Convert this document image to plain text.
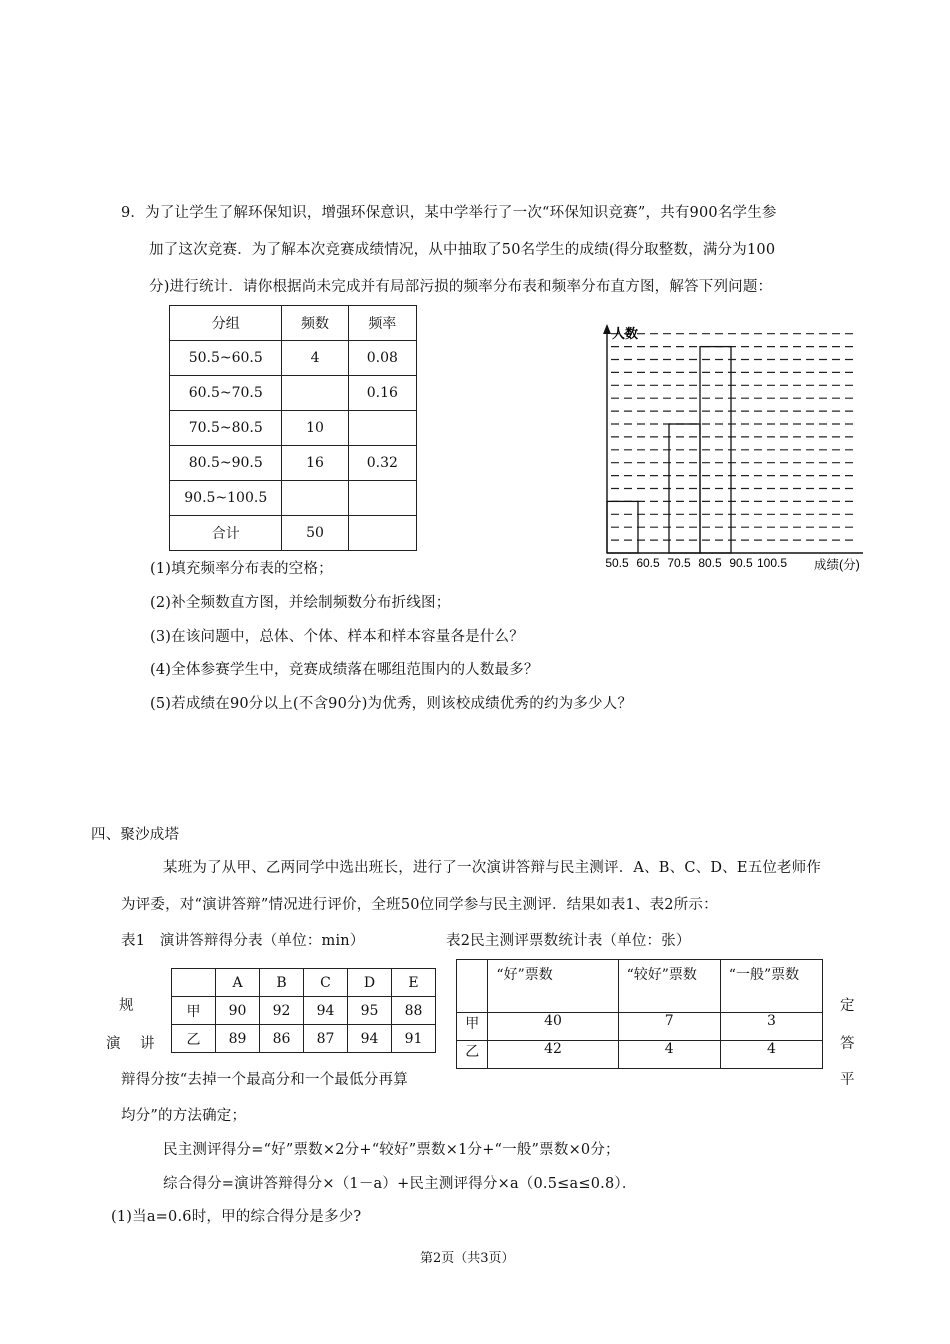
9．为了让学生了解环保知识，增强环保意识，某中学举行了一次“环保知识竞赛”，共有900名学生参
加了这次竞赛．为了解本次竞赛成绩情况，从中抽取了50名学生的成绩(得分取整数，满分为100
分)进行统计．请你根据尚未完成并有局部污损的频率分布表和频率分布直方图，解答下列问题：
分组	频数	频率
50.5~60.5	4	0.08
60.5~70.5		0.16
70.5~80.5	10	
80.5~90.5	16	0.32
90.5~100.5		
合计	50	
人数
50.5 60.5 70.5 80.5 90.5 100.5 成绩(分)
(1)填充频率分布表的空格；
(2)补全频数直方图，并绘制频数分布折线图；
(3)在该问题中，总体、个体、样本和样本容量各是什么？
(4)全体参赛学生中，竞赛成绩落在哪组范围内的人数最多？
(5)若成绩在90分以上(不含90分)为优秀，则该校成绩优秀的约为多少人？
四、聚沙成塔
某班为了从甲、乙两同学中选出班长，进行了一次演讲答辩与民主测评．A、B、C、D、E五位老师作
为评委，对“演讲答辩”情况进行评价，全班50位同学参与民主测评．结果如表1、表2所示：
表1　演讲答辩得分表（单位：min）	表2民主测评票数统计表（单位：张）
	A	B	C	D	E
甲	90	92	94	95	88
乙	89	86	87	94	91
	“好”票数	“较好”票数	“一般”票数
甲	40	7	3
乙	42	4	4
规
演 讲
定
答
平
辩得分按“去掉一个最高分和一个最低分再算
均分”的方法确定；
民主测评得分=“好”票数×2分+“较好”票数×1分+“一般”票数×0分；
综合得分=演讲答辩得分×（1－a）+民主测评得分×a（0.5≤a≤0.8）．
(1)当a=0.6时，甲的综合得分是多少?
第2页（共3页）
